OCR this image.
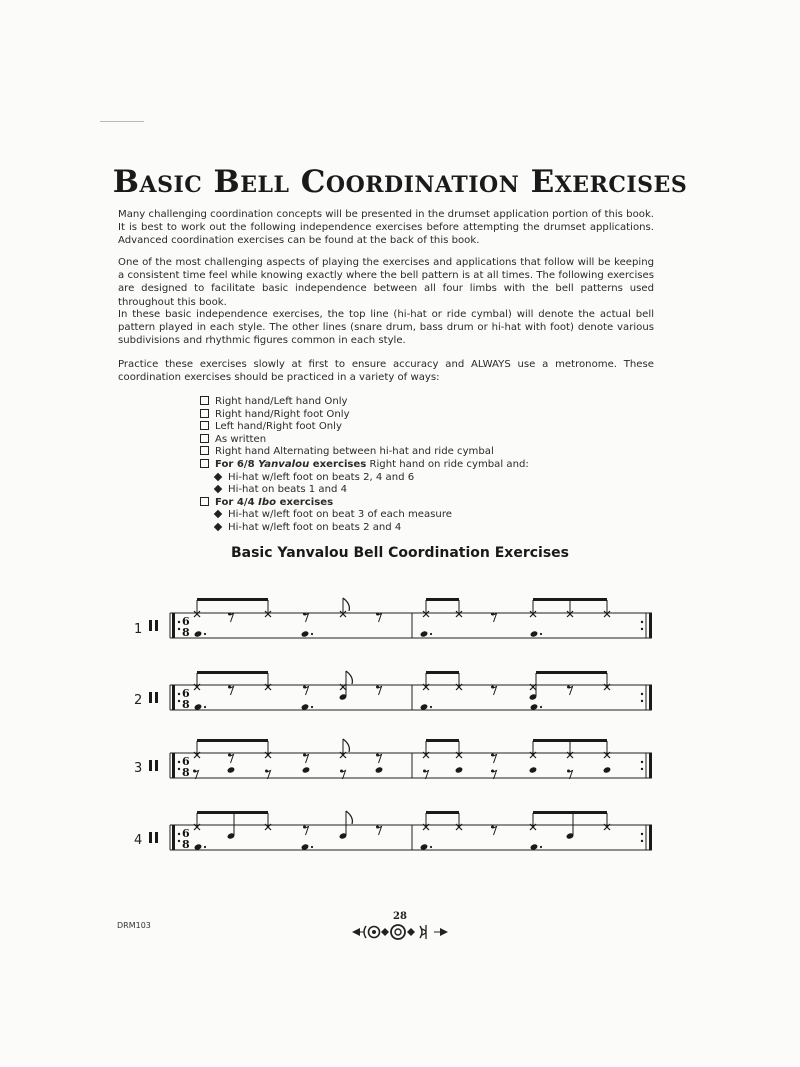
Basic Bell Coordination Exercises

Many challenging coordination concepts will be presented in the drumset application portion of this book. It is best to work out the following independence exercises before attempting the drumset applications. Advanced coordination exercises can be found at the back of this book.

One of the most challenging aspects of playing the exercises and applications that follow will be keeping a consistent time feel while knowing exactly where the bell pattern is at all times. The following exercises are designed to facilitate basic independence between all four limbs with the bell patterns used throughout this book.

In these basic independence exercises, the top line (hi-hat or ride cymbal) will denote the actual bell pattern played in each style. The other lines (snare drum, bass drum or hi-hat with foot) denote various subdivisions and rhythmic figures common in each style.

Practice these exercises slowly at first to ensure accuracy and ALWAYS use a metronome. These coordination exercises should be practiced in a variety of ways:

Right hand/Left hand Only
Right hand/Right foot Only
Left hand/Right foot Only
As written
Right hand Alternating between hi-hat and ride cymbal
For 6/8 Yanvalou exercises Right hand on ride cymbal and:
Hi-hat w/left foot on beats 2, 4 and 6
Hi-hat on beats 1 and 4
For 4/4 Ibo exercises
Hi-hat w/left foot on beat 3 of each measure
Hi-hat w/left foot on beats 2 and 4
Basic Yanvalou Bell Coordination Exercises
1
6
8
2	6
8
3	6
8
4	6
8
DRM103
28
